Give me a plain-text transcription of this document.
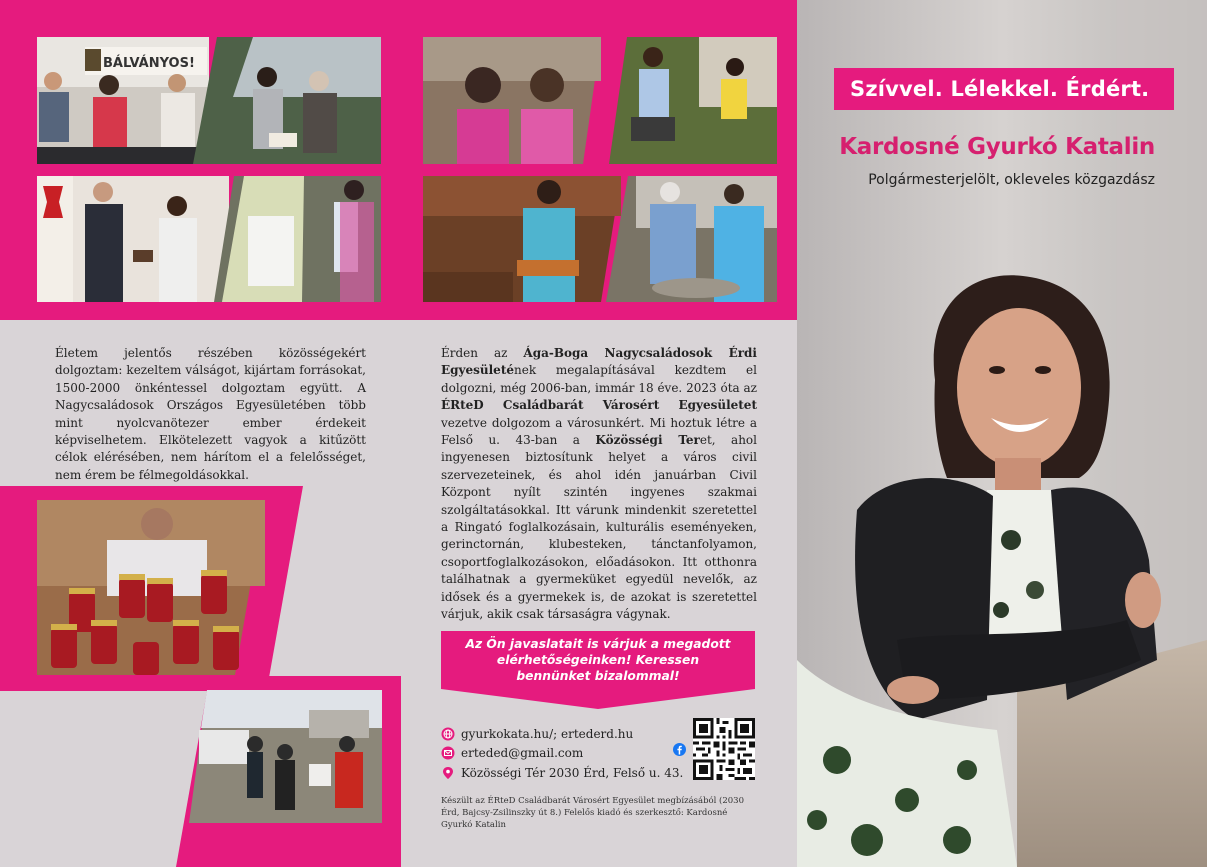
BÁLVÁNYOS!
Életem jelentős részében közösségekért dolgoztam: kezeltem válságot, kijártam forrásokat, 1500-2000 önkéntessel dolgoztam együtt. A Nagycsaládosok Országos Egyesületében több mint nyolcvanötezer ember érdekeit képviselhetem. Elkötelezett vagyok a kitűzött célok elérésében, nem hárítom el a felelősséget, nem érem be félmegoldásokkal.

Érden az Ága-Boga Nagycsaládosok Érdi Egyesületének megalapításával kezdtem el dolgozni, még 2006-ban, immár 18 éve. 2023 óta az ÉRteD Családbarát Városért Egyesületet vezetve dolgozom a városunkért. Mi hoztuk létre a Felső u. 43-ban a Közösségi Teret, ahol ingyenesen biztosítunk helyet a város civil szervezeteinek, és ahol idén januárban Civil Központ nyílt szintén ingyenes szakmai szolgáltatásokkal. Itt várunk mindenkit szeretettel a Ringató foglalkozásain, kulturális eseményeken, gerinctornán, klubesteken, tánctanfolyamon, csoportfoglalkozásokon, előadásokon. Itt otthonra találhatnak a gyermeküket egyedül nevelők, az idősek és a gyermekek is, de azokat is szeretettel várjuk, akik csak társaságra vágynak.

Az Ön javaslatait is várjuk a megadott
elérhetőségeinken! Keressen
bennünket bizalommal!
gyurkokata.hu/; ertederd.hu
erteded@gmail.com
Közösségi Tér 2030 Érd, Felső u. 43.
Készült az ÉRteD Családbarát Városért Egyesület megbízásából (2030 Érd, Bajcsy-Zsilinszky út 8.) Felelős kiadó és szerkesztő: Kardosné Gyurkó Katalin
Szívvel. Lélekkel. Érdért.
Kardosné Gyurkó Katalin
Polgármesterjelölt, okleveles közgazdász
